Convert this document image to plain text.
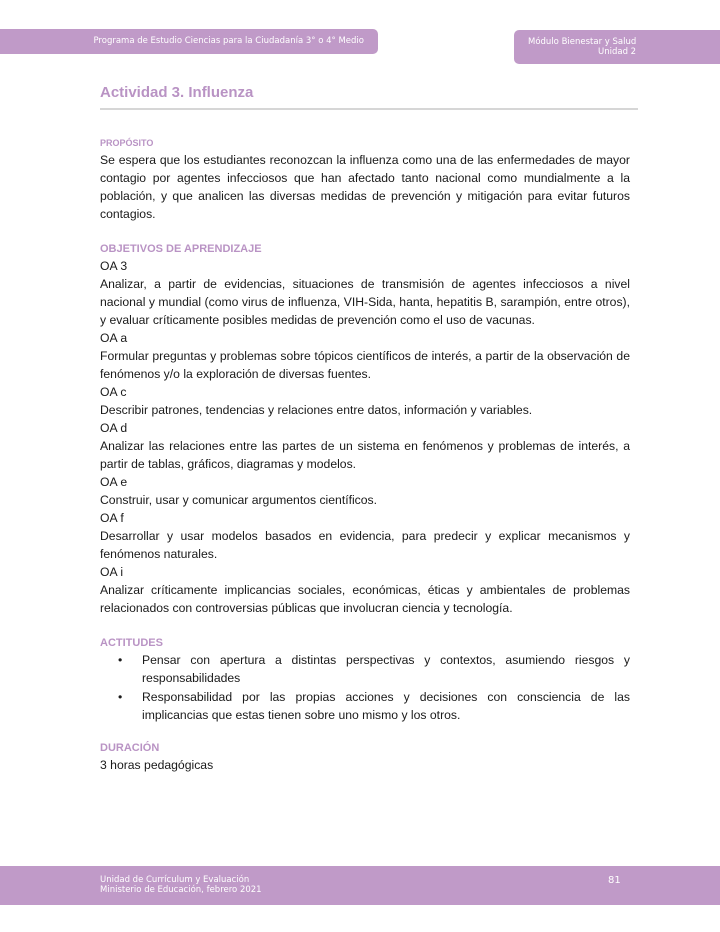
Programa de Estudio Ciencias para la Ciudadanía 3° o 4° Medio	Módulo Bienestar y Salud
Unidad 2
Actividad 3. Influenza
PROPÓSITO

Se espera que los estudiantes reconozcan la influenza como una de las enfermedades de mayor contagio por agentes infecciosos que han afectado tanto nacional como mundialmente a la población, y que analicen las diversas medidas de prevención y mitigación para evitar futuros contagios.

OBJETIVOS DE APRENDIZAJE
OA 3

Analizar, a partir de evidencias, situaciones de transmisión de agentes infecciosos a nivel nacional y mundial (como virus de influenza, VIH-Sida, hanta, hepatitis B, sarampión, entre otros), y evaluar críticamente posibles medidas de prevención como el uso de vacunas.

OA a

Formular preguntas y problemas sobre tópicos científicos de interés, a partir de la observación de fenómenos y/o la exploración de diversas fuentes.

OA c

Describir patrones, tendencias y relaciones entre datos, información y variables.

OA d

Analizar las relaciones entre las partes de un sistema en fenómenos y problemas de interés, a partir de tablas, gráficos, diagramas y modelos.

OA e

Construir, usar y comunicar argumentos científicos.

OA f

Desarrollar y usar modelos basados en evidencia, para predecir y explicar mecanismos y fenómenos naturales.

OA i

Analizar críticamente implicancias sociales, económicas, éticas y ambientales de problemas relacionados con controversias públicas que involucran ciencia y tecnología.

ACTITUDES
• Pensar con apertura a distintas perspectivas y contextos, asumiendo riesgos y responsabilidades
• Responsabilidad por las propias acciones y decisiones con consciencia de las implicancias que estas tienen sobre uno mismo y los otros.
DURACIÓN

3 horas pedagógicas

Unidad de Currículum y Evaluación
Ministerio de Educación, febrero 2021
81
